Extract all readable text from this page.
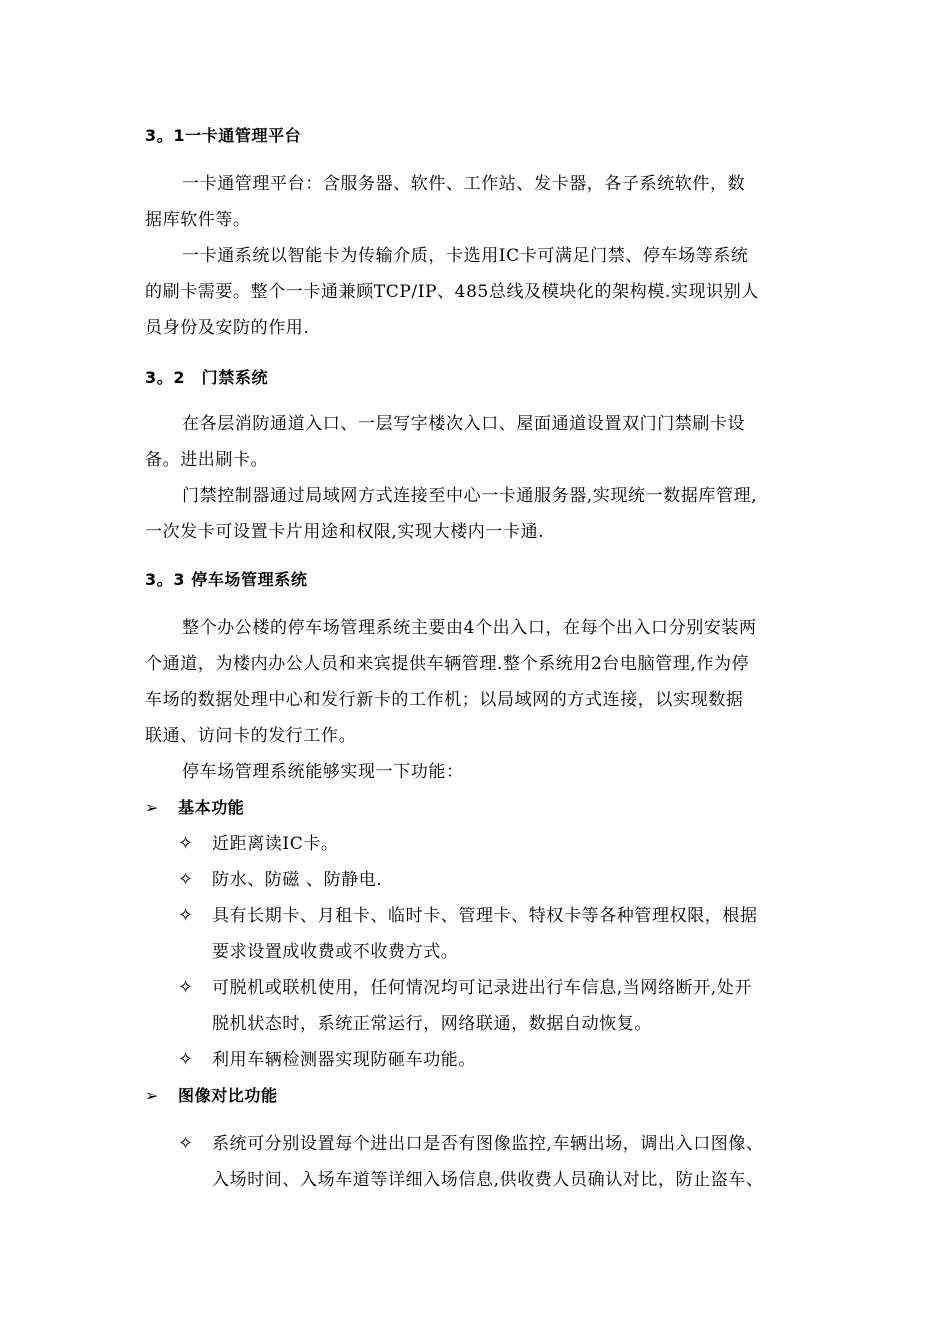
3。1一卡通管理平台
一卡通管理平台：含服务器、软件、工作站、发卡器，各子系统软件，数
据库软件等。
一卡通系统以智能卡为传输介质，卡选用IC卡可满足门禁、停车场等系统
的刷卡需要。整个一卡通兼顾TCP/IP、485总线及模块化的架构模.实现识别人
员身份及安防的作用.
3。2　门禁系统
在各层消防通道入口、一层写字楼次入口、屋面通道设置双门门禁刷卡设
备。进出刷卡。
门禁控制器通过局域网方式连接至中心一卡通服务器,实现统一数据库管理,
一次发卡可设置卡片用途和权限,实现大楼内一卡通.
3。3 停车场管理系统
整个办公楼的停车场管理系统主要由4个出入口，在每个出入口分别安装两
个通道，为楼内办公人员和来宾提供车辆管理.整个系统用2台电脑管理,作为停
车场的数据处理中心和发行新卡的工作机；以局域网的方式连接，以实现数据
联通、访问卡的发行工作。
停车场管理系统能够实现一下功能：
➢ 基本功能
✧ 近距离读IC卡。
✧ 防水、防磁 、防静电.
✧ 具有长期卡、月租卡、临时卡、管理卡、特权卡等各种管理权限，根据
要求设置成收费或不收费方式。
✧ 可脱机或联机使用，任何情况均可记录进出行车信息,当网络断开,处开
脱机状态时，系统正常运行，网络联通，数据自动恢复。
✧ 利用车辆检测器实现防砸车功能。
➢ 图像对比功能
✧ 系统可分别设置每个进出口是否有图像监控,车辆出场，调出入口图像、
入场时间、入场车道等详细入场信息,供收费人员确认对比，防止盗车、
